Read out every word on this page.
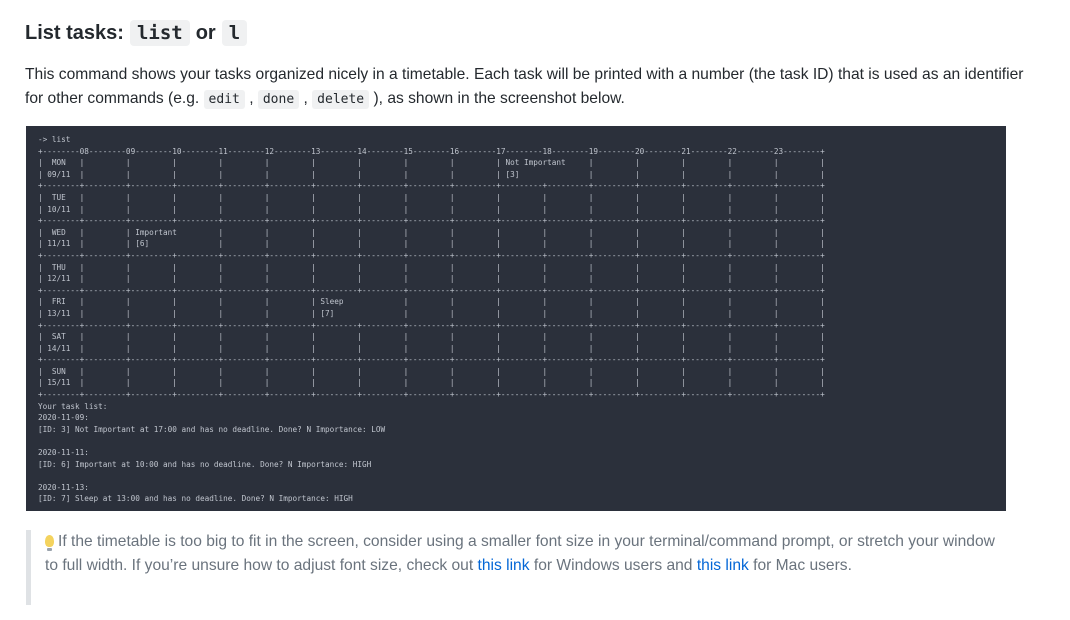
List tasks: list or l
This command shows your tasks organized nicely in a timetable. Each task will be printed with a number (the task ID) that is used as an identifier for other commands (e.g. edit , done , delete ), as shown in the screenshot below.
-> list
+--------08--------09--------10--------11--------12--------13--------14--------15--------16--------17--------18--------19--------20--------21--------22--------23--------+
|  MON   |         |         |         |         |         |         |         |         |         | Not Important     |         |         |         |         |         |
| 09/11  |         |         |         |         |         |         |         |         |         | [3]               |         |         |         |         |         |
+--------+---------+---------+---------+---------+---------+---------+---------+---------+---------+---------+---------+---------+---------+---------+---------+---------+
|  TUE   |         |         |         |         |         |         |         |         |         |         |         |         |         |         |         |         |
| 10/11  |         |         |         |         |         |         |         |         |         |         |         |         |         |         |         |         |
+--------+---------+---------+---------+---------+---------+---------+---------+---------+---------+---------+---------+---------+---------+---------+---------+---------+
|  WED   |         | Important         |         |         |         |         |         |         |         |         |         |         |         |         |         |
| 11/11  |         | [6]               |         |         |         |         |         |         |         |         |         |         |         |         |         |
+--------+---------+---------+---------+---------+---------+---------+---------+---------+---------+---------+---------+---------+---------+---------+---------+---------+
|  THU   |         |         |         |         |         |         |         |         |         |         |         |         |         |         |         |         |
| 12/11  |         |         |         |         |         |         |         |         |         |         |         |         |         |         |         |         |
+--------+---------+---------+---------+---------+---------+---------+---------+---------+---------+---------+---------+---------+---------+---------+---------+---------+
|  FRI   |         |         |         |         |         | Sleep             |         |         |         |         |         |         |         |         |         |
| 13/11  |         |         |         |         |         | [7]               |         |         |         |         |         |         |         |         |         |
+--------+---------+---------+---------+---------+---------+---------+---------+---------+---------+---------+---------+---------+---------+---------+---------+---------+
|  SAT   |         |         |         |         |         |         |         |         |         |         |         |         |         |         |         |         |
| 14/11  |         |         |         |         |         |         |         |         |         |         |         |         |         |         |         |         |
+--------+---------+---------+---------+---------+---------+---------+---------+---------+---------+---------+---------+---------+---------+---------+---------+---------+
|  SUN   |         |         |         |         |         |         |         |         |         |         |         |         |         |         |         |         |
| 15/11  |         |         |         |         |         |         |         |         |         |         |         |         |         |         |         |         |
+--------+---------+---------+---------+---------+---------+---------+---------+---------+---------+---------+---------+---------+---------+---------+---------+---------+
Your task list:
2020-11-09:
[ID: 3] Not Important at 17:00 and has no deadline. Done? N Importance: LOW

2020-11-11:
[ID: 6] Important at 10:00 and has no deadline. Done? N Importance: HIGH

2020-11-13:
[ID: 7] Sleep at 13:00 and has no deadline. Done? N Importance: HIGH
If the timetable is too big to fit in the screen, consider using a smaller font size in your terminal/command prompt, or stretch your window to full width. If you’re unsure how to adjust font size, check out this link for Windows users and this link for Mac users.
